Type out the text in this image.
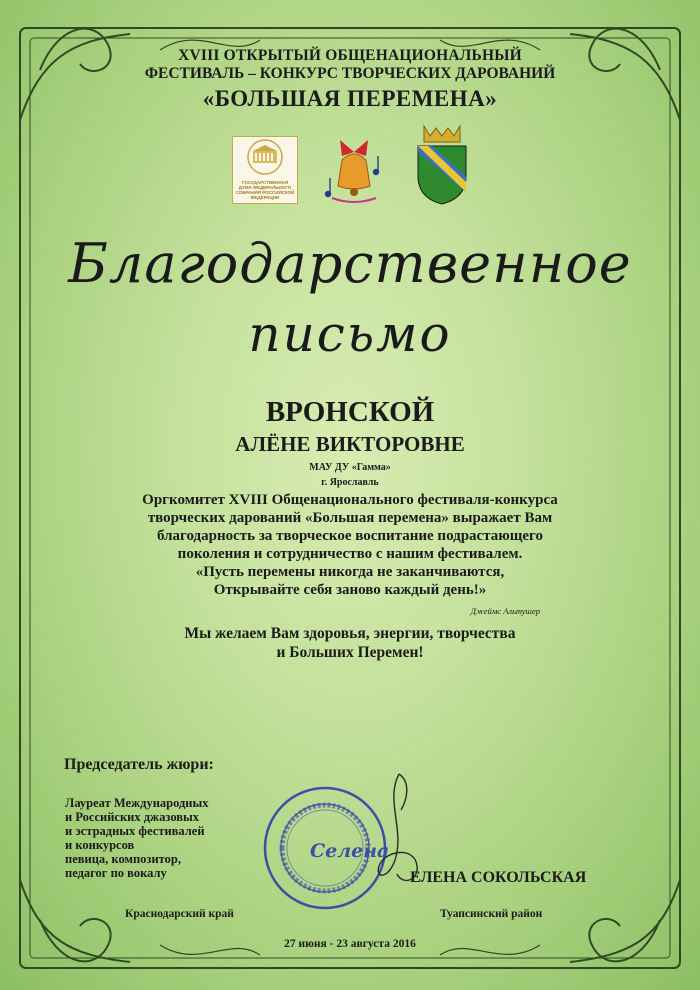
XVIII ОТКРЫТЫЙ ОБЩЕНАЦИОНАЛЬНЫЙ
ФЕСТИВАЛЬ – КОНКУРС ТВОРЧЕСКИХ ДАРОВАНИЙ
«БОЛЬШАЯ ПЕРЕМЕНА»
ГОСУДАРСТВЕННАЯ ДУМА ФЕДЕРАЛЬНОГО СОБРАНИЯ РОССИЙСКОЙ ФЕДЕРАЦИИ
Благодарственное
письмо
ВРОНСКОЙ
АЛЁНЕ ВИКТОРОВНЕ
МАУ ДУ «Гамма»
г. Ярославль
Оргкомитет XVIII Общенационального фестиваля-конкурса
творческих дарований «Большая перемена» выражает Вам
благодарность за творческое воспитание подрастающего
поколения и сотрудничество с нашим фестивалем.
«Пусть перемены никогда не заканчиваются,
Открывайте себя заново каждый день!»
Джеймс Альтушер
Мы желаем Вам здоровья, энергии, творчества
и Больших Перемен!
Председатель жюри:
Лауреат Международных
и Российских джазовых
и эстрадных фестивалей
и конкурсов
певица, композитор,
педагог по вокалу
Селена
ЕЛЕНА СОКОЛЬСКАЯ
Краснодарский край	Туапсинский район
27 июня - 23 августа 2016
